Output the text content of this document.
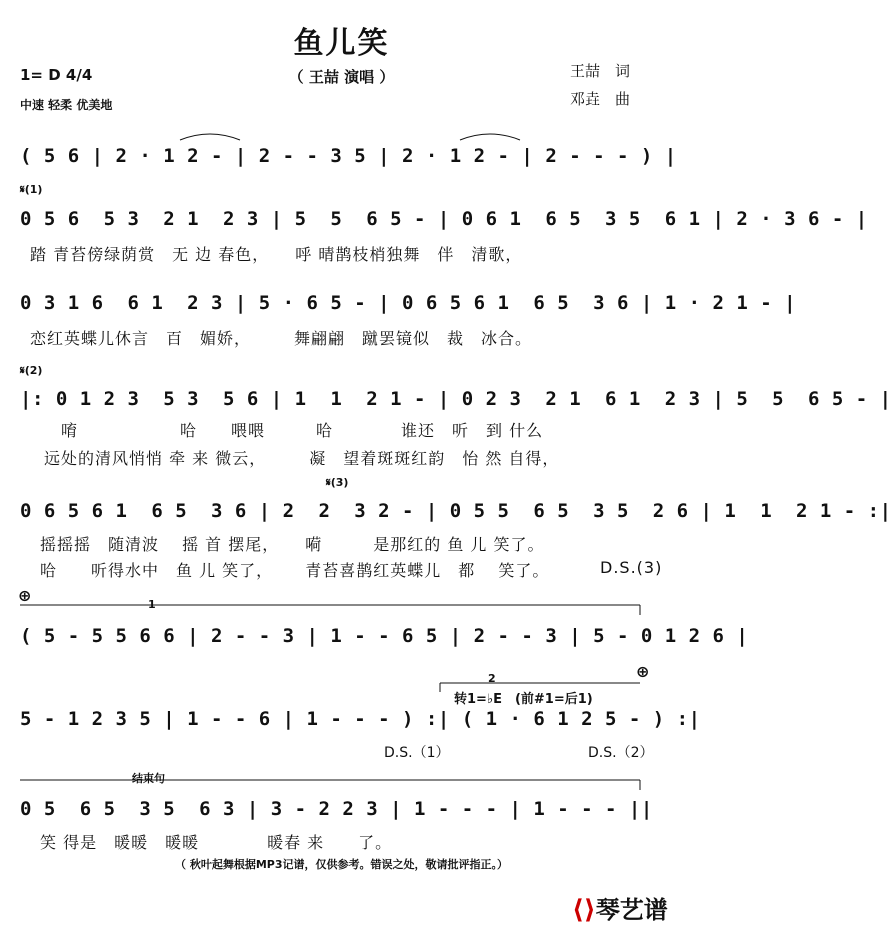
鱼儿笑
（ 王喆 演唱 ）
1= D 4/4
中速 轻柔 优美地
王喆　词
邓垚　曲
( 5 6 | 2 · 1 2 - | 2 - - 3 5 | 2 · 1 2 - | 2 - - - ) |
𝄋(1)
0 5 6  5 3  2 1  2 3 | 5  5  6 5 - | 0 6 1  6 5  3 5  6 1 | 2 · 3 6 - |
踏 青苔傍绿荫赏　无 边 春色，　　呼 晴鹊枝梢独舞　伴　清歌，
0 3 1 6  6 1  2 3 | 5 · 6 5 - | 0 6 5 6 1  6 5  3 6 | 1 · 2 1 - |
恋红英蝶儿休言　百　媚娇，　　　舞翩翩　蹴罢镜似　裁　冰合。
𝄋(2)
|: 0 1 2 3  5 3  5 6 | 1  1  2 1 - | 0 2 3  2 1  6 1  2 3 | 5  5  6 5 - |
　唷　　　　　　哈　　喂喂　　　哈　　　　谁还　听　到 什么
远处的清风悄悄 牵 来 微云，　　　凝　望着斑斑红韵　怡 然 自得，
𝄋(3)
0 6 5 6 1  6 5  3 6 | 2  2  3 2 - | 0 5 5  6 5  3 5  2 6 | 1  1  2 1 - :|
摇摇摇　随清波　 摇 首 摆尾，　　嗬　　　是那红的 鱼 儿 笑了。
哈　　听得水中　鱼 儿 笑了，　　 青苔喜鹊红英蝶儿　都　 笑了。	D.S.(3)
⊕	1
( 5 - 5 5 6 6 | 2 - - 3 | 1 - - 6 5 | 2 - - 3 | 5 - 0 1 2 6 |
⊕
2
转1=♭E　(前#1=后1)
5 - 1 2 3 5 | 1 - - 6 | 1 - - - ) :| ( 1 · 6 1 2 5 - ) :|
D.S.（1）	D.S.（2）
结束句
0 5  6 5  3 5  6 3 | 3 - 2 2 3 | 1 - - - | 1 - - - ||
笑 得是　暖暖　暖暖　　　　暖春 来　　了。
（ 秋叶起舞根据MP3记谱，仅供参考。错误之处，敬请批评指正。）
⟨⟩琴艺谱
